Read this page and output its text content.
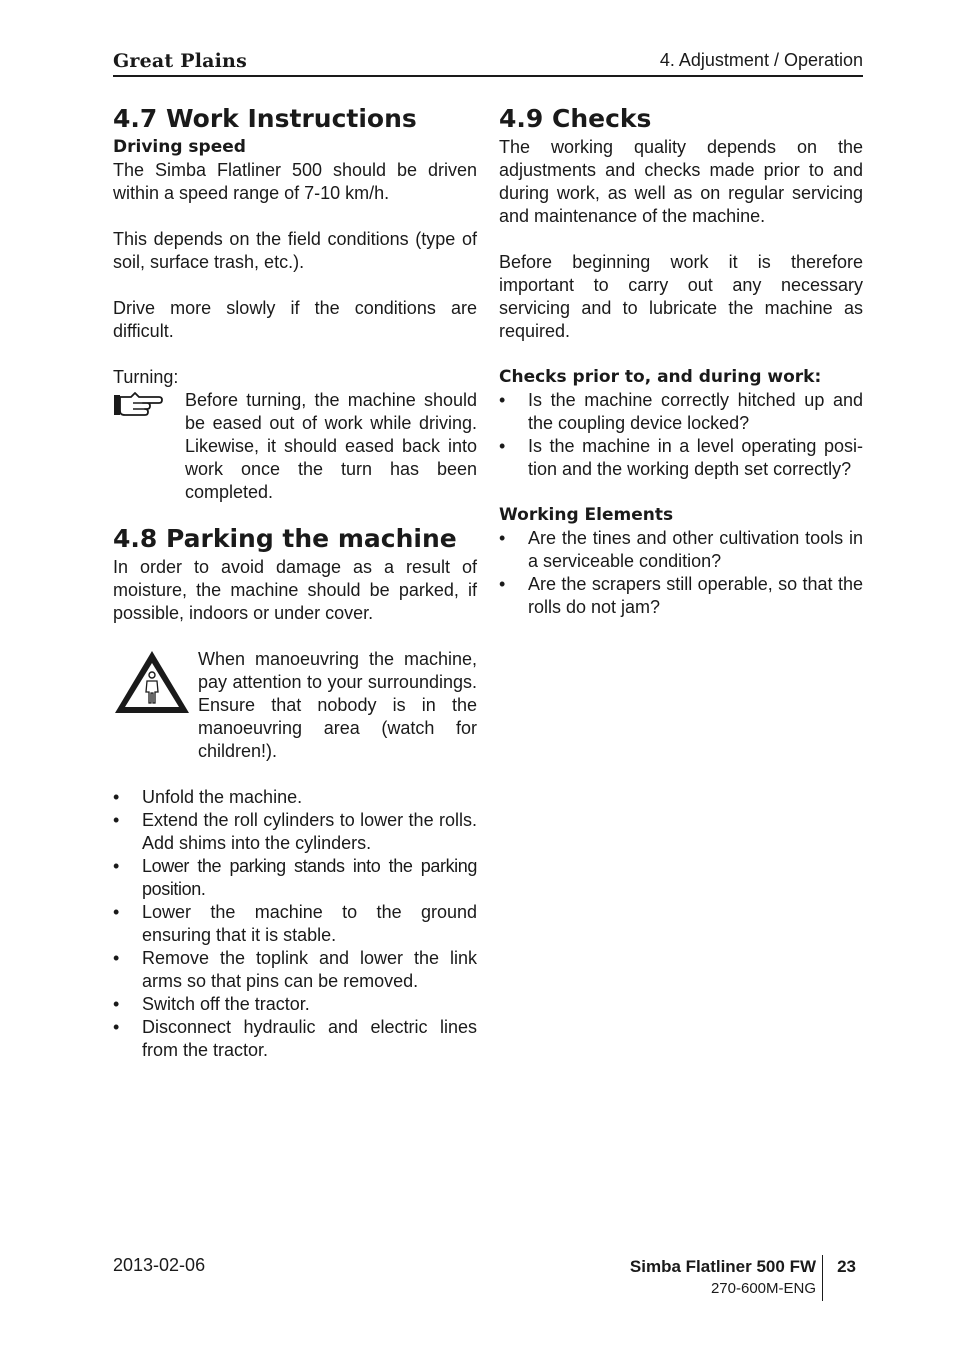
Great Plains	4. Adjustment / Operation
4.7 Work Instructions
Driving speed

The Simba Flatliner 500 should be driven within a speed range of 7-10 km/h.

This depends on the field conditions (type of soil, surface trash, etc.).

Drive more slowly if the conditions are difficult.

Turning:

Before turning, the machine should be eased out of work while driving. Likewise, it should eased back into work once the turn has been completed.
4.8 Parking the machine

In order to avoid damage as a result of moisture, the machine should be parked, if possible, indoors or under cover.

When manoeuvring the machine, pay attention to your surroundings. Ensure that nobody is in the manoeuvring area (watch for children!).
• Unfold the machine.
• Extend the roll cylinders to lower the rolls. Add shims into the cylinders.
• Lower the parking stands into the parking position.
• Lower the machine to the ground ensuring that it is stable.
• Remove the toplink and lower the link arms so that pins can be removed.
• Switch off the tractor.
• Disconnect hydraulic and electric lines from the tractor.
4.9 Checks

The working quality depends on the adjustments and checks made prior to and during work, as well as on regular servicing and maintenance of the machine.

Before beginning work it is therefore important to carry out any necessary servicing and to lubricate the machine as required.

Checks prior to, and during work:
• Is the machine correctly hitched up and the coupling device locked?
• Is the machine in a level operating posi-tion and the working depth set correctly?
Working Elements
• Are the tines and other cultivation tools in a serviceable condition?
• Are the scrapers still operable, so that the rolls do not jam?
2013-02-06	Simba Flatliner 500 FW
270-600M-ENG
23
